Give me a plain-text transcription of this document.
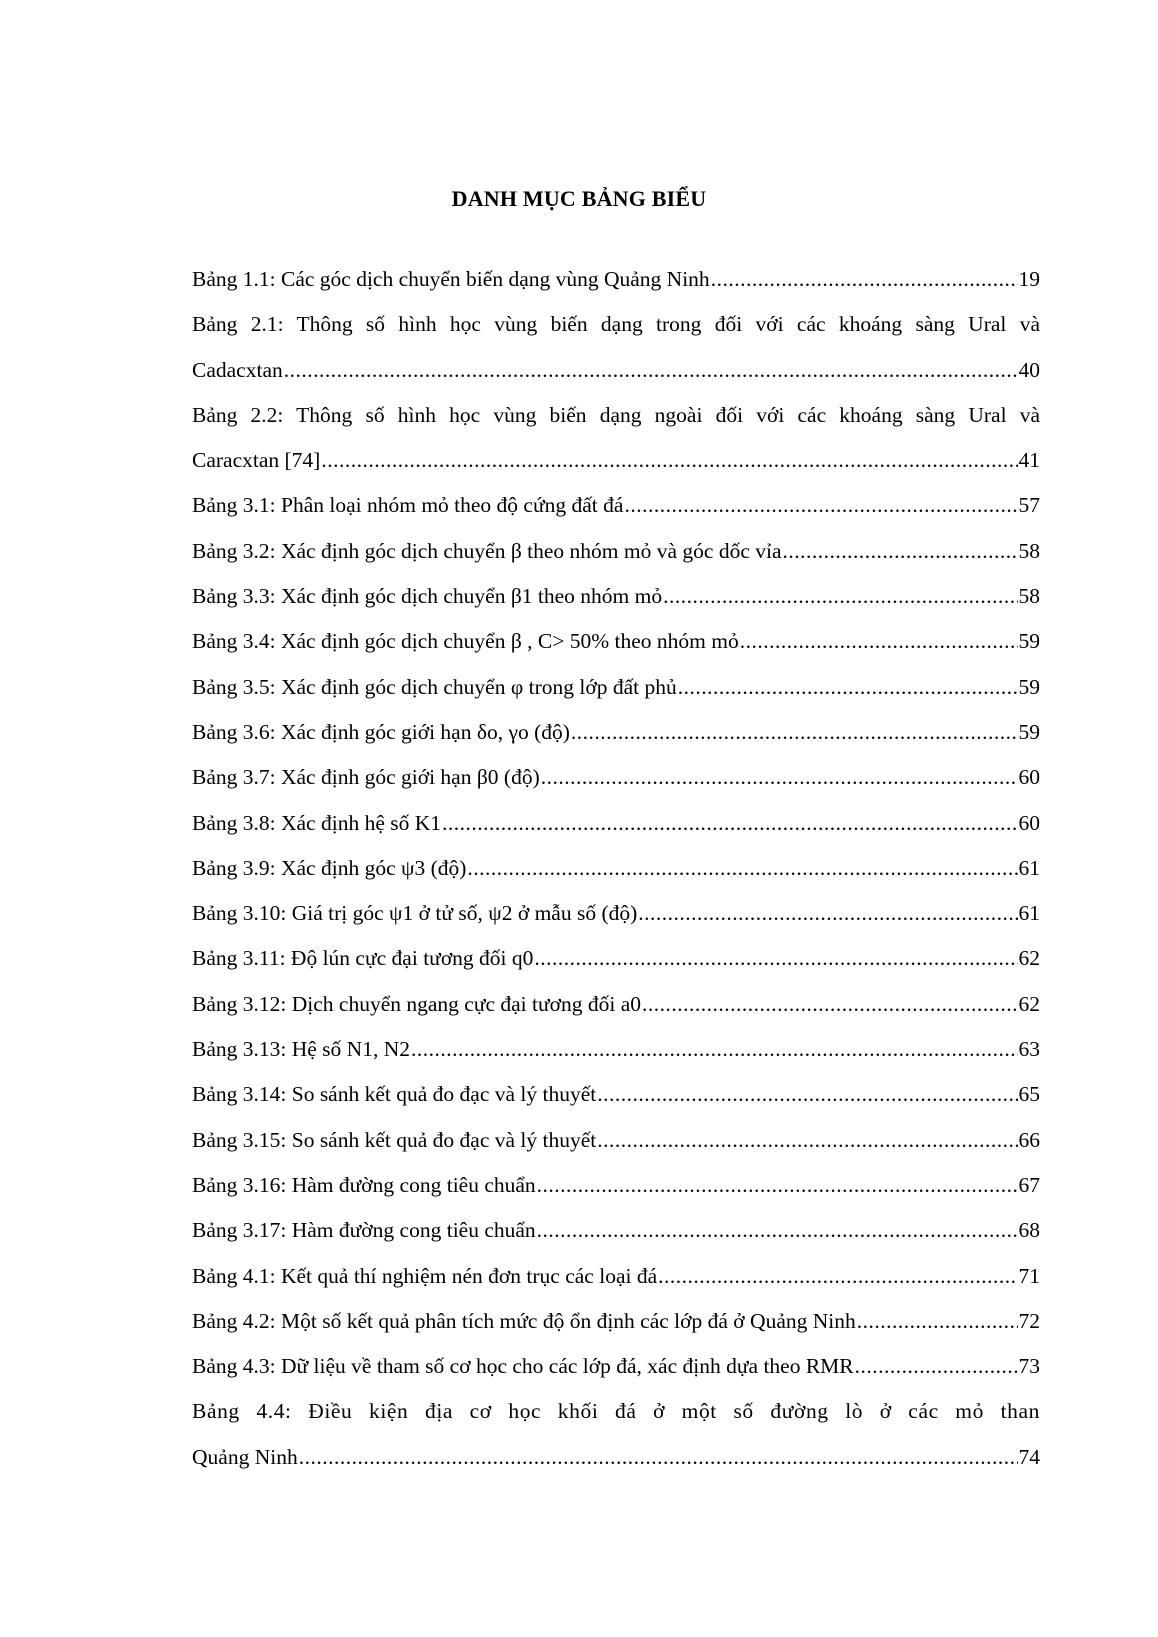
DANH MỤC BẢNG BIỂU
Bảng 1.1: Các góc dịch chuyển biến dạng vùng Quảng Ninh .....	19
Bảng 2.1: Thông số hình học vùng biến dạng trong đối với các khoáng sàng Ural và
Cadacxtan .....	40
Bảng 2.2: Thông số hình học vùng biến dạng ngoài đối với các khoáng sàng Ural và
Caracxtan [74] .....	41
Bảng 3.1: Phân loại nhóm mỏ theo độ cứng đất đá .....	57
Bảng 3.2: Xác định góc dịch chuyển β theo nhóm mỏ và góc dốc vỉa .....	58
Bảng 3.3: Xác định góc dịch chuyển β1 theo nhóm mỏ .....	58
Bảng 3.4: Xác định góc dịch chuyển β , C> 50% theo nhóm mỏ .....	59
Bảng 3.5: Xác định góc dịch chuyển φ trong lớp đất phủ .....	59
Bảng 3.6: Xác định góc giới hạn δo, γo (độ) .....	59
Bảng 3.7: Xác định góc giới hạn β0 (độ) .....	60
Bảng 3.8: Xác định hệ số K1 .....	60
Bảng 3.9: Xác định góc ψ3 (độ) .....	61
Bảng 3.10: Giá trị góc ψ1 ở tử số, ψ2 ở mẫu số (độ) .....	61
Bảng 3.11: Độ lún cực đại tương đối q0 .....	62
Bảng 3.12: Dịch chuyển ngang cực đại tương đối a0 .....	62
Bảng 3.13: Hệ số N1, N2 .....	63
Bảng 3.14: So sánh kết quả đo đạc và lý thuyết .....	65
Bảng 3.15: So sánh kết quả đo đạc và lý thuyết .....	66
Bảng 3.16: Hàm đường cong tiêu chuẩn .....	67
Bảng 3.17: Hàm đường cong tiêu chuẩn .....	68
Bảng 4.1: Kết quả thí nghiệm nén đơn trục các loại đá .....	71
Bảng 4.2: Một số kết quả phân tích mức độ ổn định các lớp đá ở Quảng Ninh .....	72
Bảng 4.3: Dữ liệu về tham số cơ học cho các lớp đá, xác định dựa theo RMR .....	73
Bảng 4.4: Điều kiện địa cơ học khối đá ở một số đường lò ở các mỏ than
Quảng Ninh .....	74
